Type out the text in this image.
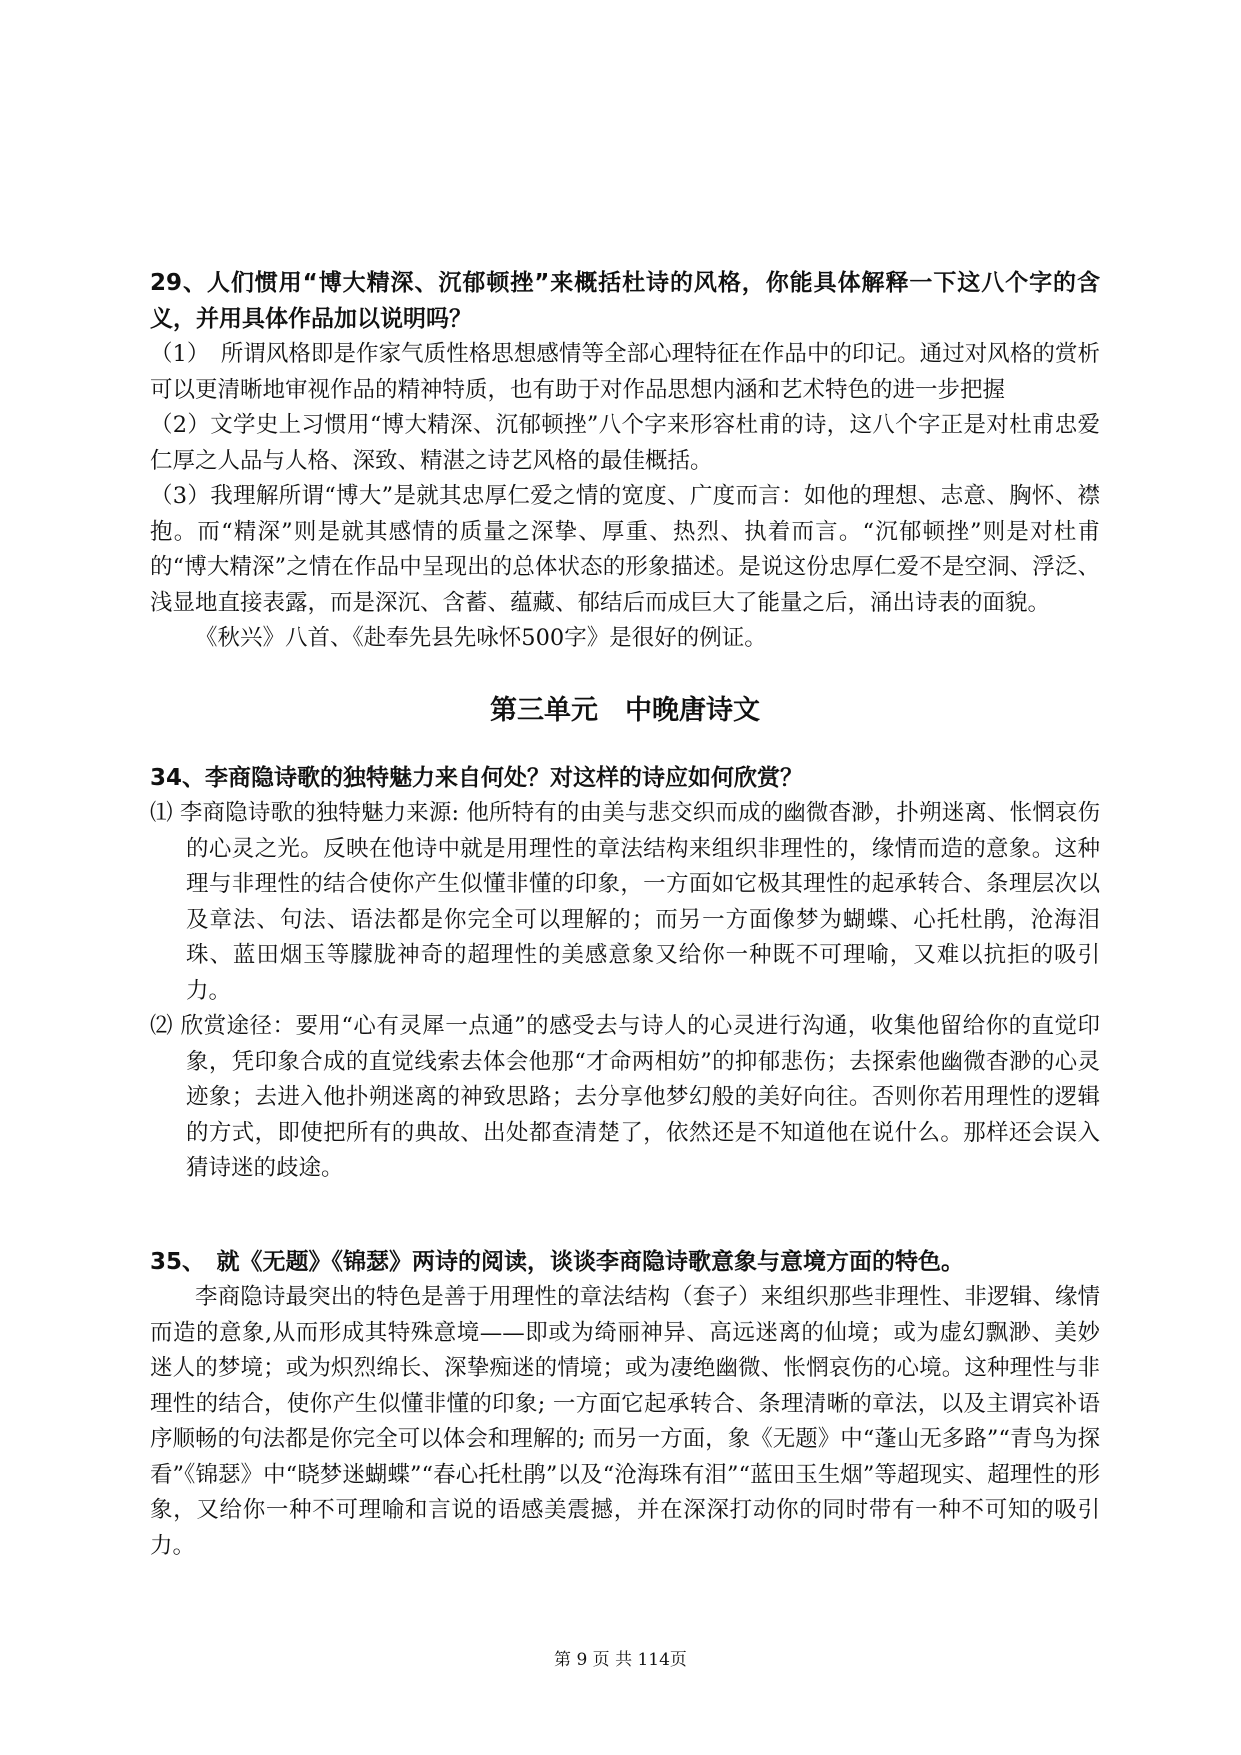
29、人们惯用“博大精深、沉郁顿挫”来概括杜诗的风格，你能具体解释一下这八个字的含义，并用具体作品加以说明吗？

（1）　所谓风格即是作家气质性格思想感情等全部心理特征在作品中的印记。通过对风格的赏析可以更清晰地审视作品的精神特质，也有助于对作品思想内涵和艺术特色的进一步把握

（2）文学史上习惯用“博大精深、沉郁顿挫”八个字来形容杜甫的诗，这八个字正是对杜甫忠爱仁厚之人品与人格、深致、精湛之诗艺风格的最佳概括。

（3）我理解所谓“博大”是就其忠厚仁爱之情的宽度、广度而言：如他的理想、志意、胸怀、襟抱。而“精深”则是就其感情的质量之深挚、厚重、热烈、执着而言。“沉郁顿挫”则是对杜甫的“博大精深”之情在作品中呈现出的总体状态的形象描述。是说这份忠厚仁爱不是空洞、浮泛、浅显地直接表露，而是深沉、含蓄、蕴藏、郁结后而成巨大了能量之后，涌出诗表的面貌。

《秋兴》八首、《赴奉先县先咏怀500字》是很好的例证。

第三单元　中晚唐诗文

34、李商隐诗歌的独特魅力来自何处？对这样的诗应如何欣赏？

⑴ 李商隐诗歌的独特魅力来源: 他所特有的由美与悲交织而成的幽微杳渺，扑朔迷离、怅惘哀伤的心灵之光。反映在他诗中就是用理性的章法结构来组织非理性的，缘情而造的意象。这种理与非理性的结合使你产生似懂非懂的印象，一方面如它极其理性的起承转合、条理层次以及章法、句法、语法都是你完全可以理解的；而另一方面像梦为蝴蝶、心托杜鹃，沧海泪珠、蓝田烟玉等朦胧神奇的超理性的美感意象又给你一种既不可理喻，又难以抗拒的吸引力。

⑵ 欣赏途径：要用“心有灵犀一点通”的感受去与诗人的心灵进行沟通，收集他留给你的直觉印象，凭印象合成的直觉线索去体会他那“才命两相妨”的抑郁悲伤；去探索他幽微杳渺的心灵迹象；去进入他扑朔迷离的神致思路；去分享他梦幻般的美好向往。否则你若用理性的逻辑的方式，即使把所有的典故、出处都查清楚了，依然还是不知道他在说什么。那样还会误入猜诗迷的歧途。

35、　就《无题》《锦瑟》两诗的阅读，谈谈李商隐诗歌意象与意境方面的特色。

李商隐诗最突出的特色是善于用理性的章法结构（套子）来组织那些非理性、非逻辑、缘情而造的意象,从而形成其特殊意境——即或为绮丽神异、高远迷离的仙境；或为虚幻飘渺、美妙迷人的梦境；或为炽烈绵长、深挚痴迷的情境；或为凄绝幽微、怅惘哀伤的心境。这种理性与非理性的结合，使你产生似懂非懂的印象; 一方面它起承转合、条理清晰的章法，以及主谓宾补语序顺畅的句法都是你完全可以体会和理解的; 而另一方面，象《无题》中“蓬山无多路”“青鸟为探看”《锦瑟》中“晓梦迷蝴蝶”“春心托杜鹃”以及“沧海珠有泪”“蓝田玉生烟”等超现实、超理性的形象，又给你一种不可理喻和言说的语感美震撼，并在深深打动你的同时带有一种不可知的吸引力。

第 9 页 共 114页
